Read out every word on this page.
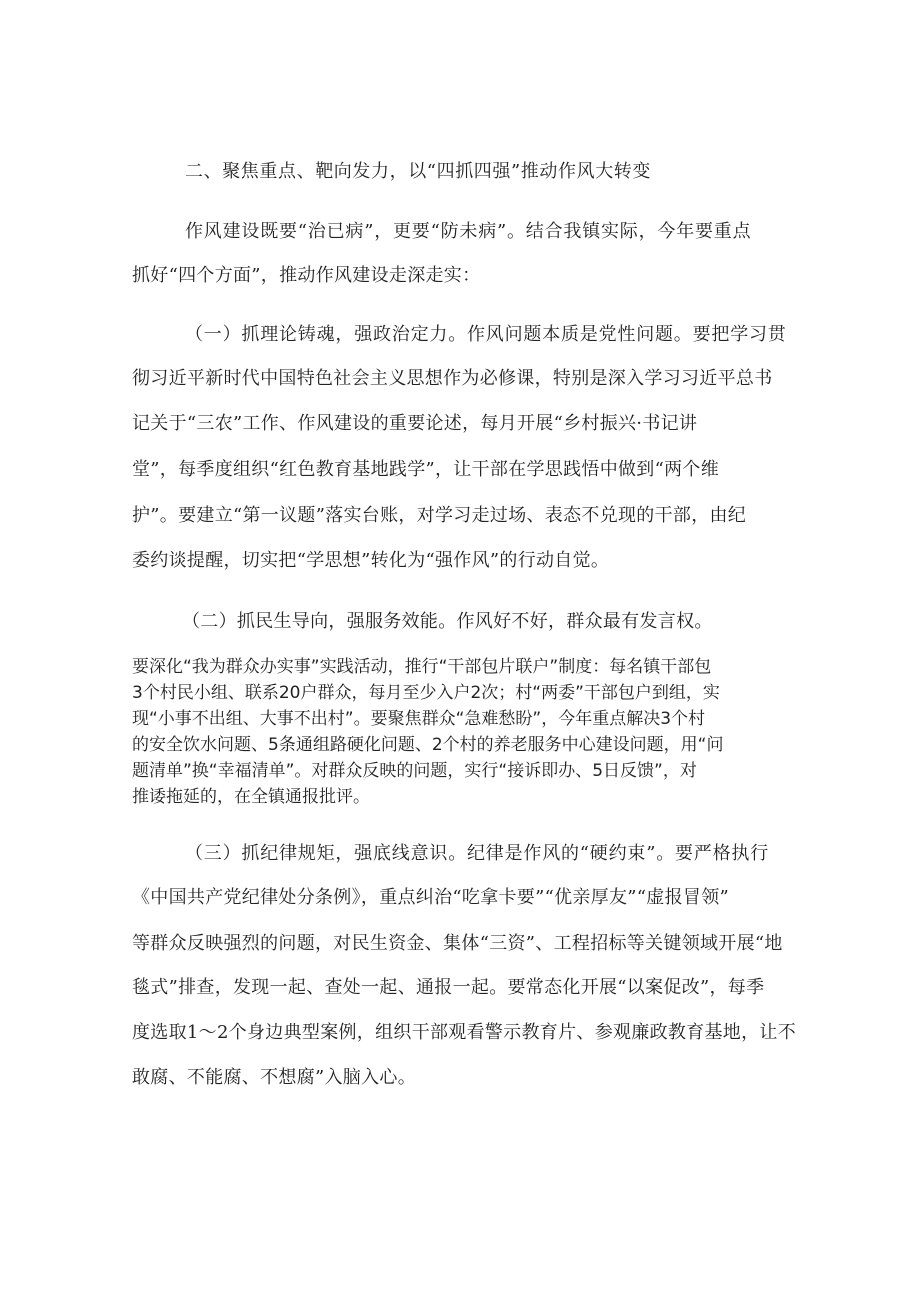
二、聚焦重点、靶向发力，以“四抓四强”推动作风大转变
作风建设既要“治已病”，更要“防未病”。结合我镇实际，今年要重点
抓好“四个方面”，推动作风建设走深走实：
（一）抓理论铸魂，强政治定力。作风问题本质是党性问题。要把学习贯
彻习近平新时代中国特色社会主义思想作为必修课，特别是深入学习习近平总书
记关于“三农”工作、作风建设的重要论述，每月开展“乡村振兴·书记讲
堂”，每季度组织“红色教育基地践学”，让干部在学思践悟中做到“两个维
护”。要建立“第一议题”落实台账，对学习走过场、表态不兑现的干部，由纪
委约谈提醒，切实把“学思想”转化为“强作风”的行动自觉。
（二）抓民生导向，强服务效能。作风好不好，群众最有发言权。
要深化“我为群众办实事”实践活动，推行“干部包片联户”制度：每名镇干部包
3个村民小组、联系20户群众，每月至少入户2次；村“两委”干部包户到组，实
现“小事不出组、大事不出村”。要聚焦群众“急难愁盼”，今年重点解决3个村
的安全饮水问题、5条通组路硬化问题、2个村的养老服务中心建设问题，用“问
题清单”换“幸福清单”。对群众反映的问题，实行“接诉即办、5日反馈”，对
推诿拖延的，在全镇通报批评。
（三）抓纪律规矩，强底线意识。纪律是作风的“硬约束”。要严格执行
《中国共产党纪律处分条例》，重点纠治“吃拿卡要”“优亲厚友”“虚报冒领”
等群众反映强烈的问题，对民生资金、集体“三资”、工程招标等关键领域开展“地
毯式”排查，发现一起、查处一起、通报一起。要常态化开展“以案促改”，每季
度选取1〜2个身边典型案例，组织干部观看警示教育片、参观廉政教育基地，让不
敢腐、不能腐、不想腐”入脑入心。
